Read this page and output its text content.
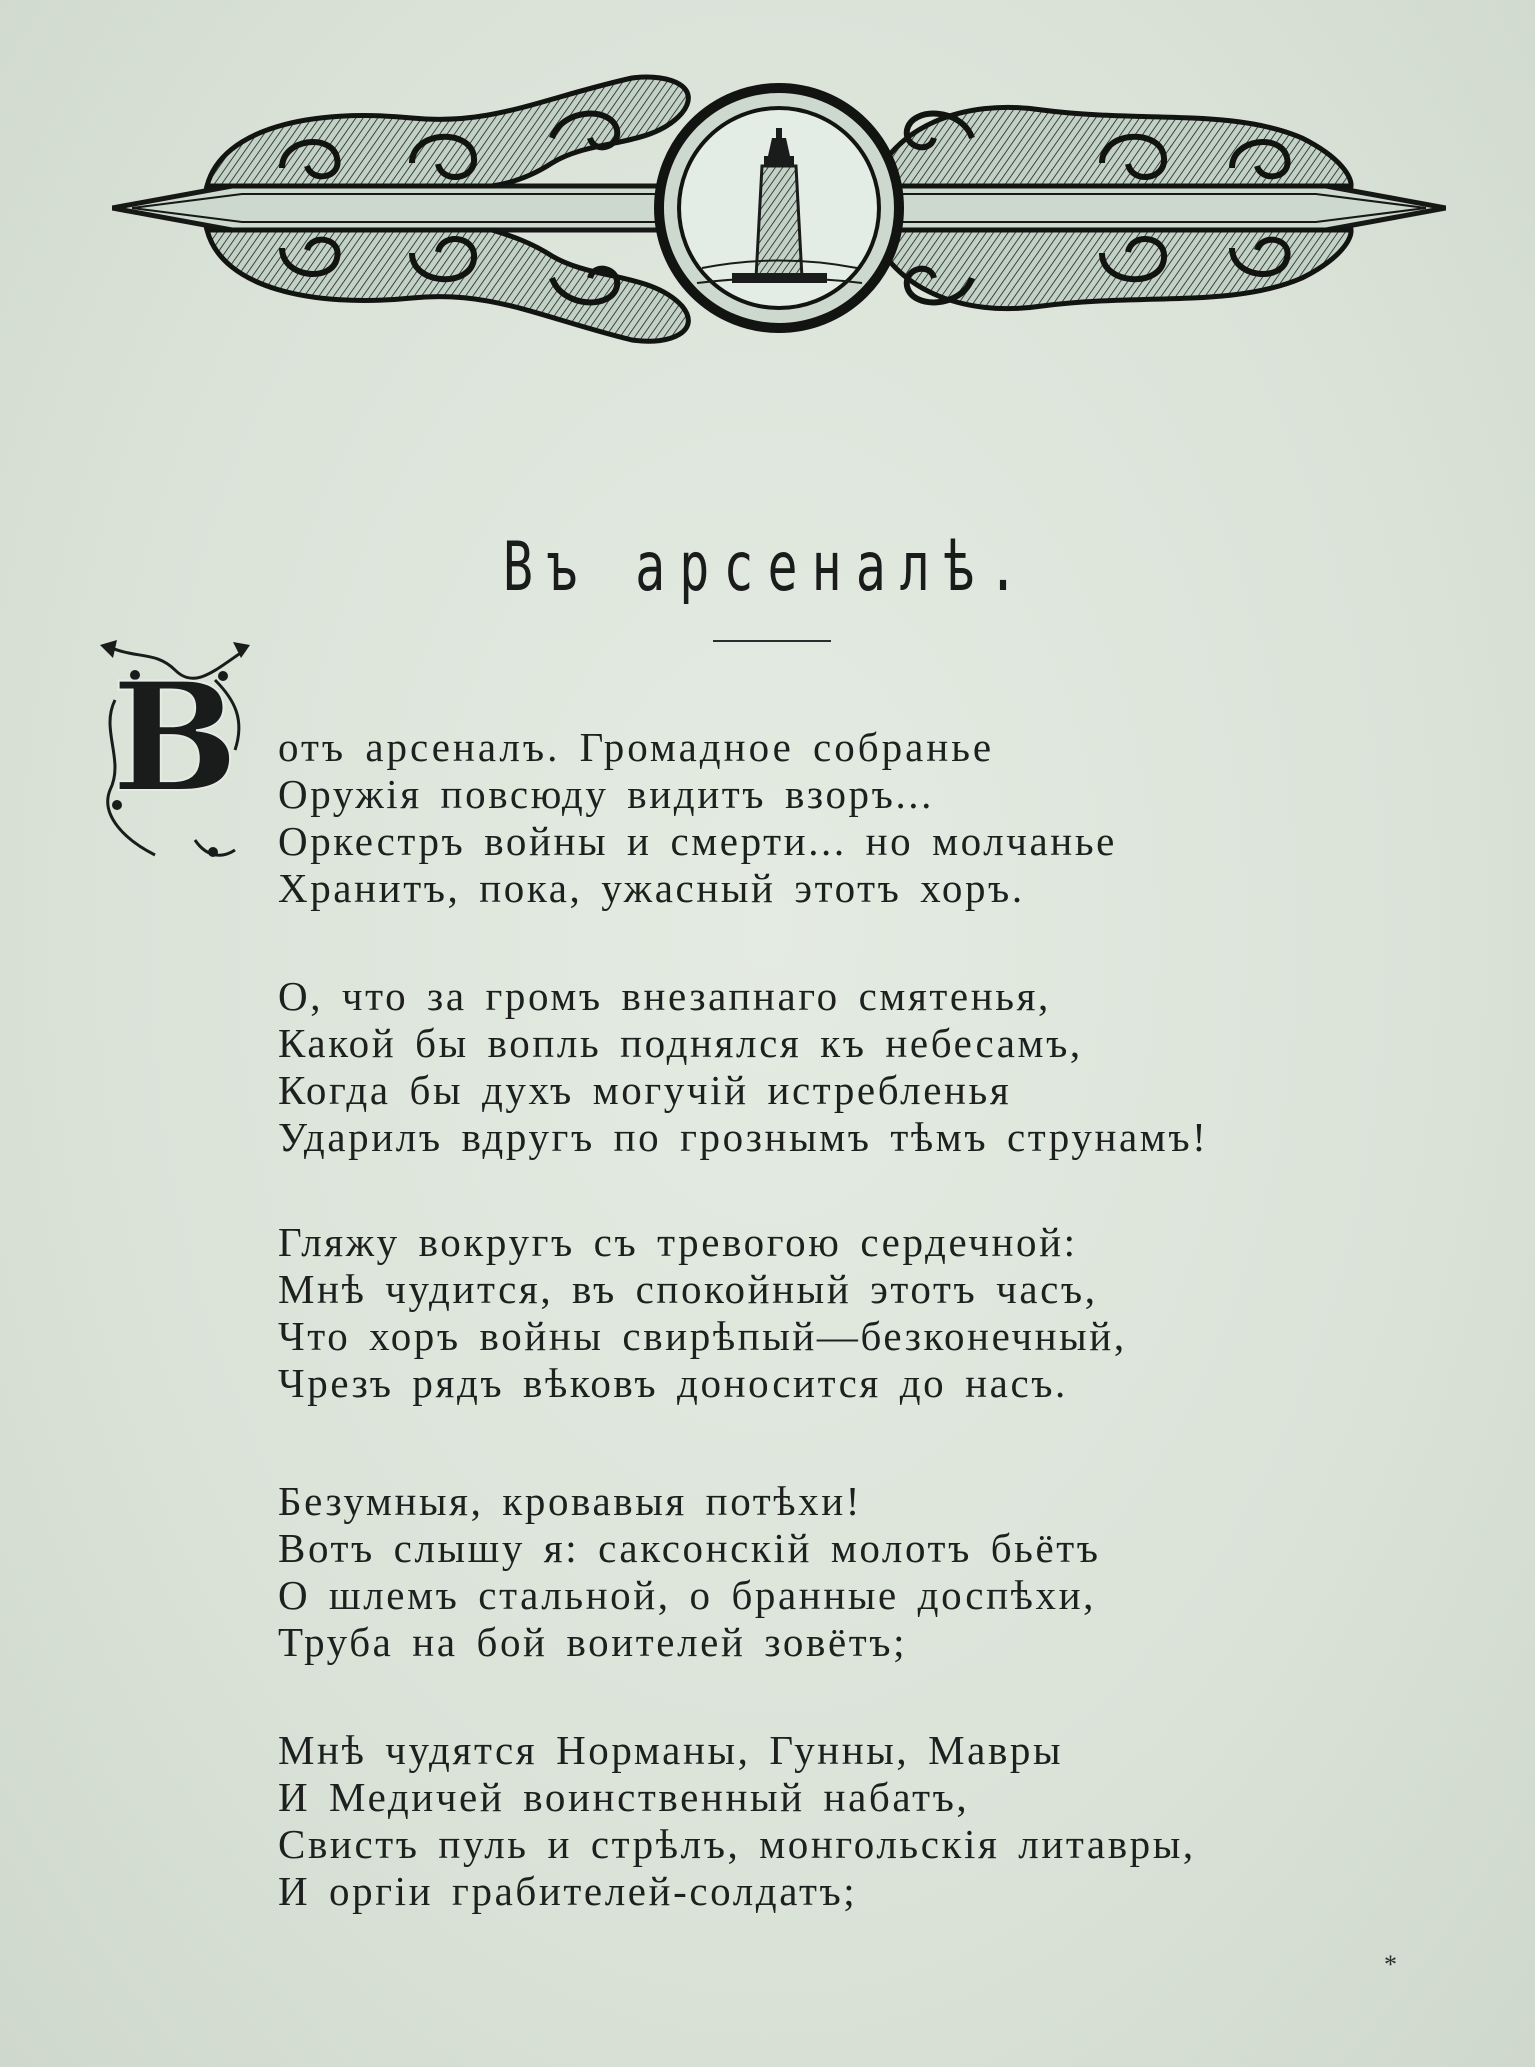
Въ арсеналѣ.
В отъ арсеналъ. Громадное собранье
Оружія повсюду видитъ взоръ...
Оркестръ войны и смерти... но молчанье
Хранитъ, пока, ужасный этотъ хоръ.
О, что за громъ внезапнаго смятенья,
Какой бы вопль поднялся къ небесамъ,
Когда бы духъ могучій истребленья
Ударилъ вдругъ по грознымъ тѣмъ струнамъ!
Гляжу вокругъ съ тревогою сердечной:
Мнѣ чудится, въ спокойный этотъ часъ,
Что хоръ войны свирѣпый—безконечный,
Чрезъ рядъ вѣковъ доносится до насъ.
Безумныя, кровавыя потѣхи!
Вотъ слышу я: саксонскій молотъ бьётъ
О шлемъ стальной, о бранные доспѣхи,
Труба на бой воителей зовётъ;
Мнѣ чудятся Норманы, Гунны, Мавры
И Медичей воинственный набатъ,
Свистъ пуль и стрѣлъ, монгольскія литавры,
И оргіи грабителей-солдатъ;
*
